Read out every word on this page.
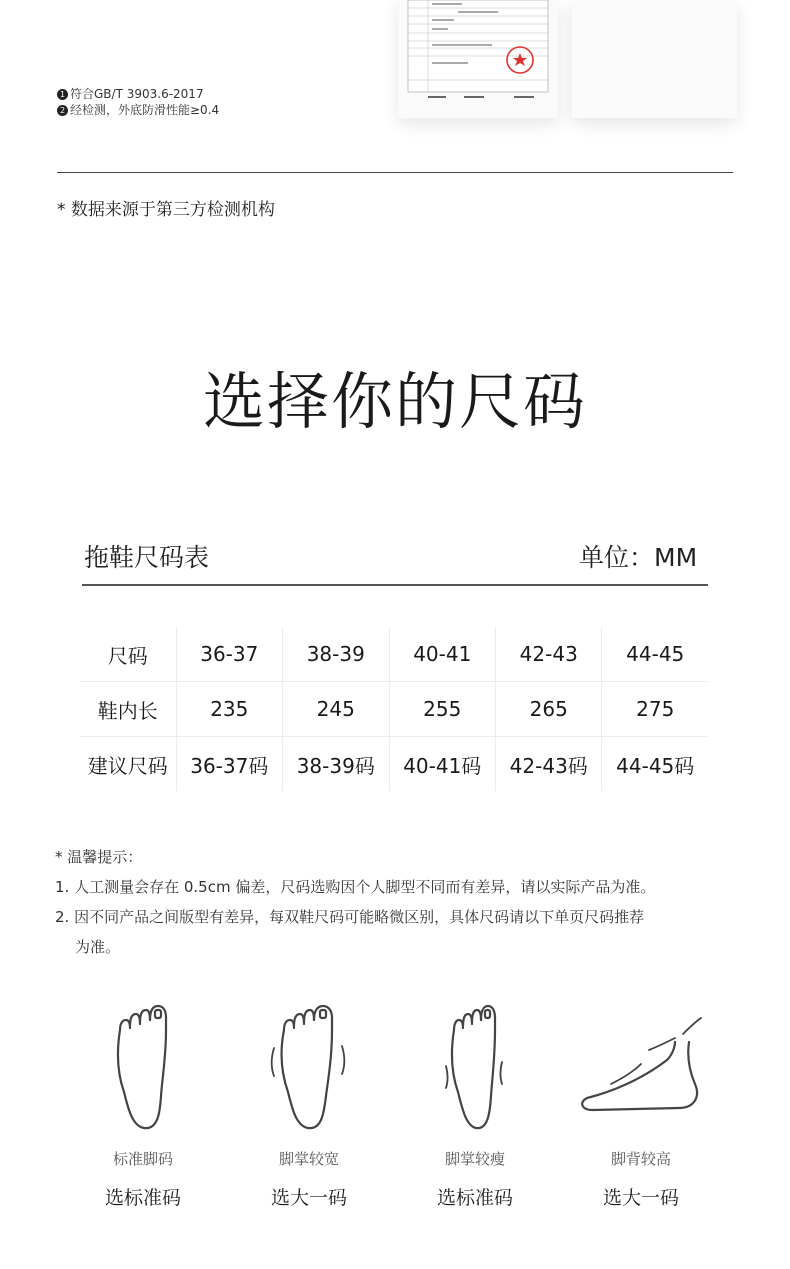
1 符合GB/T 3903.6-2017
2 经检测，外底防滑性能≥0.4
* 数据来源于第三方检测机构
选择你的尺码
拖鞋尺码表	单位：MM
尺码	36-37	38-39	40-41	42-43	44-45
鞋内长	235	245	255	265	275
建议尺码	36-37码	38-39码	40-41码	42-43码	44-45码
* 温馨提示：
1. 人工测量会存在 0.5cm 偏差，尺码选购因个人脚型不同而有差异，请以实际产品为准。
2. 因不同产品之间版型有差异，每双鞋尺码可能略微区别，具体尺码请以下单页尺码推荐
为准。
标准脚码
选标准码
脚掌较宽
选大一码
脚掌较瘦
选标准码
脚背较高
选大一码
